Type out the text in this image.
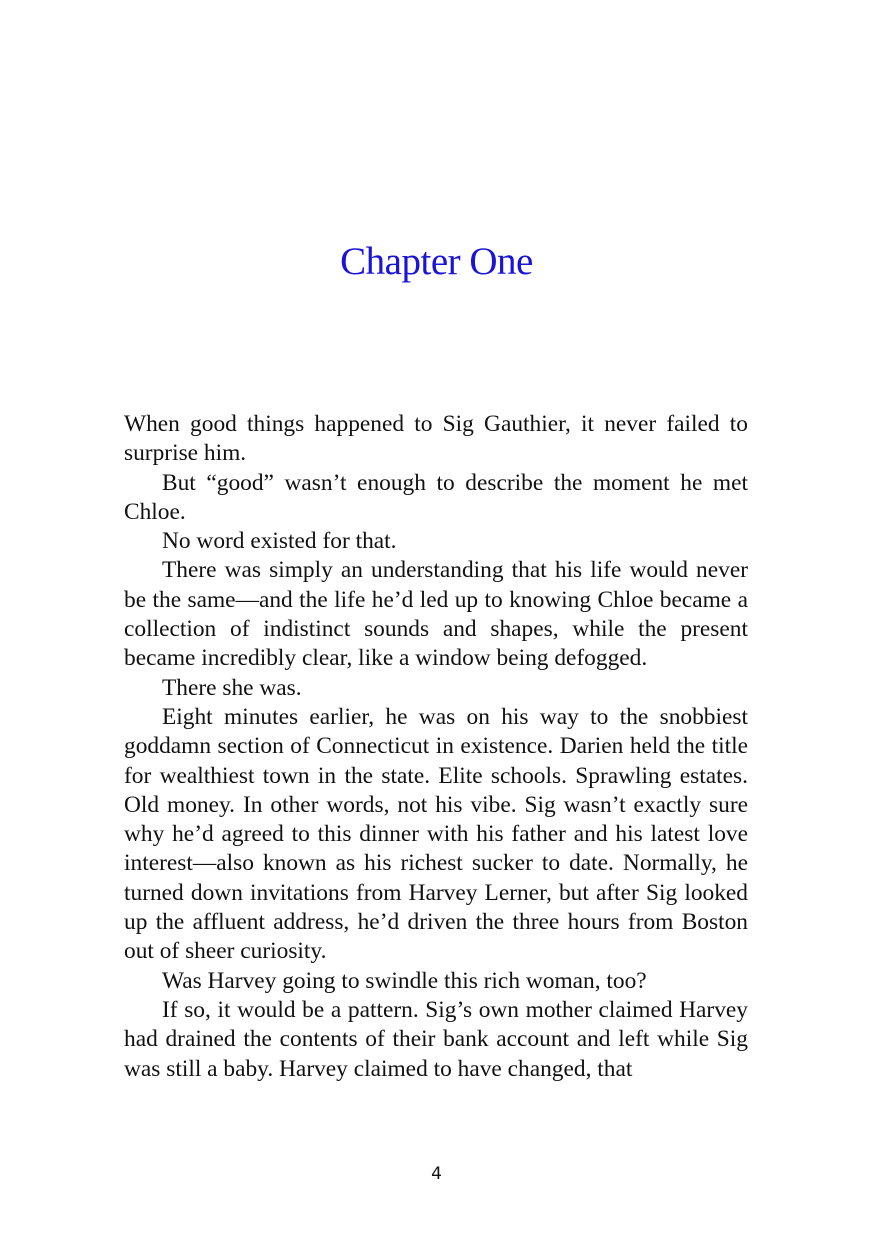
Chapter One

When good things happened to Sig Gauthier, it never failed to surprise him.

But “good” wasn’t enough to describe the moment he met Chloe.

No word existed for that.

There was simply an understanding that his life would never be the same—and the life he’d led up to knowing Chloe became a collection of indistinct sounds and shapes, while the present became incredibly clear, like a window being defogged.

There she was.

Eight minutes earlier, he was on his way to the snobbiest goddamn section of Connecticut in existence. Darien held the title for wealthiest town in the state. Elite schools. Sprawling estates. Old money. In other words, not his vibe. Sig wasn’t exactly sure why he’d agreed to this dinner with his father and his latest love interest—also known as his richest sucker to date. Normally, he turned down invitations from Harvey Lerner, but after Sig looked up the affluent address, he’d driven the three hours from Boston out of sheer curiosity.

Was Harvey going to swindle this rich woman, too?

If so, it would be a pattern. Sig’s own mother claimed Harvey had drained the contents of their bank account and left while Sig was still a baby. Harvey claimed to have changed, that

4
